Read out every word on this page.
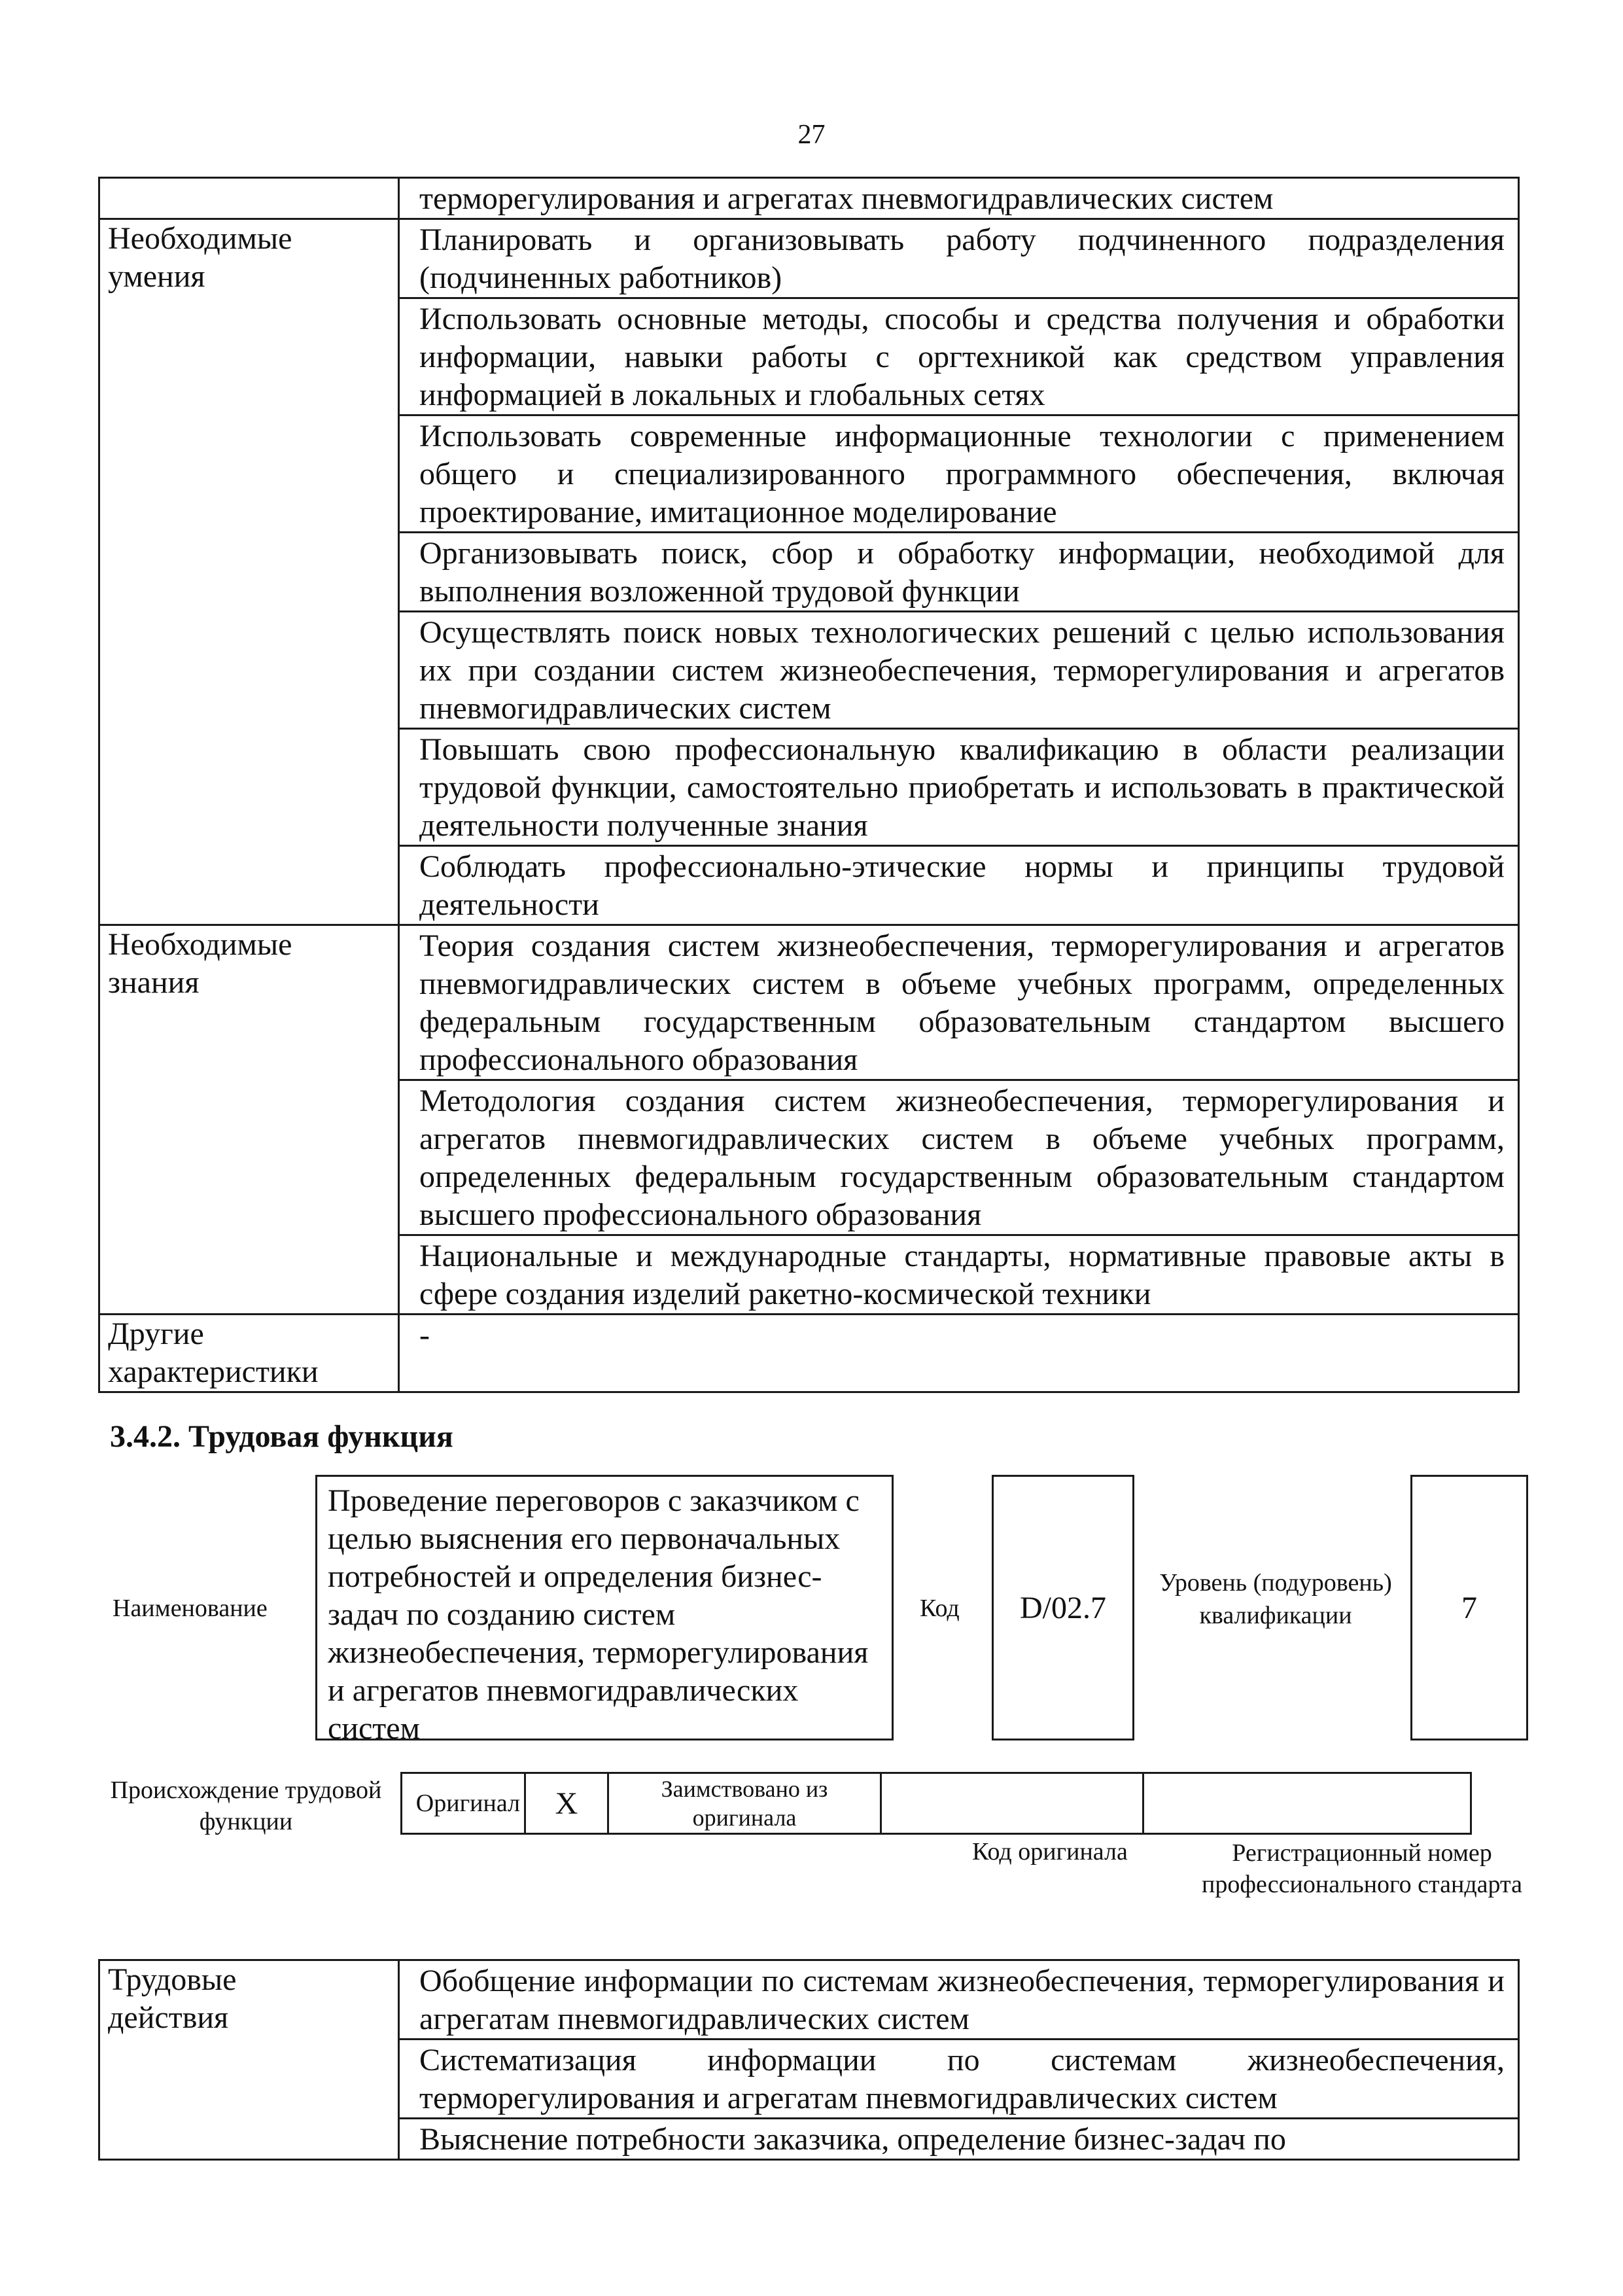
27
	терморегулирования и агрегатах пневмогидравлических систем

Необходимые
умения	Планировать и организовывать работу подчиненного подразделения (подчиненных работников)
	Использовать основные методы, способы и средства получения и обработки информации, навыки работы с оргтехникой как средством управления информацией в локальных и глобальных сетях
	Использовать современные информационные технологии с применением общего и специализированного программного обеспечения, включая проектирование, имитационное моделирование
	Организовывать поиск, сбор и обработку информации, необходимой для выполнения возложенной трудовой функции
	Осуществлять поиск новых технологических решений с целью использования их при создании систем жизнеобеспечения, терморегулирования и агрегатов пневмогидравлических систем
	Повышать свою профессиональную квалификацию в области реализации трудовой функции, самостоятельно приобретать и использовать в практической деятельности полученные знания
	Соблюдать профессионально-этические нормы и принципы трудовой деятельности

Необходимые
знания	Теория создания систем жизнеобеспечения, терморегулирования и агрегатов пневмогидравлических систем в объеме учебных программ, определенных федеральным государственным образовательным стандартом высшего профессионального образования
	Методология создания систем жизнеобеспечения, терморегулирования и агрегатов пневмогидравлических систем в объеме учебных программ, определенных федеральным государственным образовательным стандартом высшего профессионального образования
	Национальные и международные стандарты, нормативные правовые акты в сфере создания изделий ракетно-космической техники

Другие
характеристики	-
3.4.2. Трудовая функция
Наименование
Проведение переговоров с заказчиком с целью выяснения его первоначальных потребностей и определения бизнес-задач по созданию систем жизнеобеспечения, терморегулирования и агрегатов пневмогидравлических систем
Код	D/02.7
Уровень (подуровень) квалификации	7
Происхождение трудовой функции
Оригинал	X	Заимствовано из оригинала		
Код оригинала	Регистрационный номер профессионального стандарта
Трудовые
действия
	Обобщение информации по системам жизнеобеспечения, терморегулирования и агрегатам пневмогидравлических систем
Систематизация информации по системам жизнеобеспечения, терморегулирования и агрегатам пневмогидравлических систем
Выяснение потребности заказчика, определение бизнес-задач по
